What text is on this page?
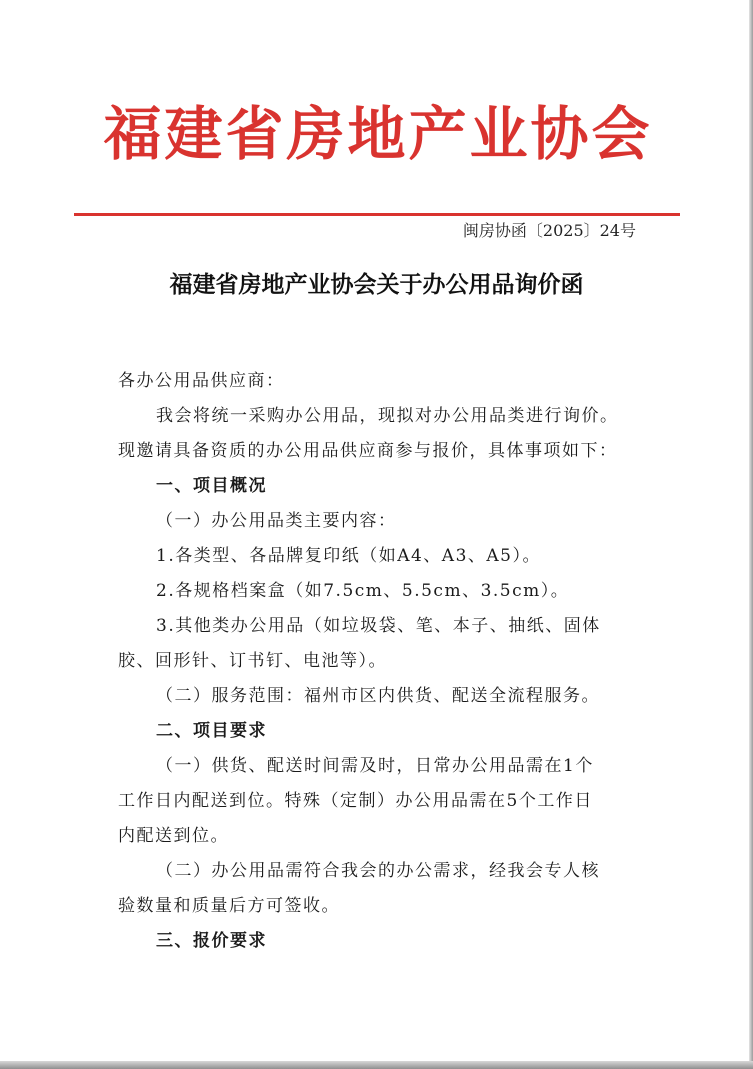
福建省房地产业协会
闽房协函〔2025〕24号
福建省房地产业协会关于办公用品询价函

各办公用品供应商：

我会将统一采购办公用品，现拟对办公用品类进行询价。

现邀请具备资质的办公用品供应商参与报价，具体事项如下：

一、项目概况

（一）办公用品类主要内容：

1.各类型、各品牌复印纸（如A4、A3、A5）。

2.各规格档案盒（如7.5cm、5.5cm、3.5cm）。

3.其他类办公用品（如垃圾袋、笔、本子、抽纸、固体

胶、回形针、订书钉、电池等）。

（二）服务范围：福州市区内供货、配送全流程服务。

二、项目要求

（一）供货、配送时间需及时，日常办公用品需在1个

工作日内配送到位。特殊（定制）办公用品需在5个工作日

内配送到位。

（二）办公用品需符合我会的办公需求，经我会专人核

验数量和质量后方可签收。

三、报价要求
